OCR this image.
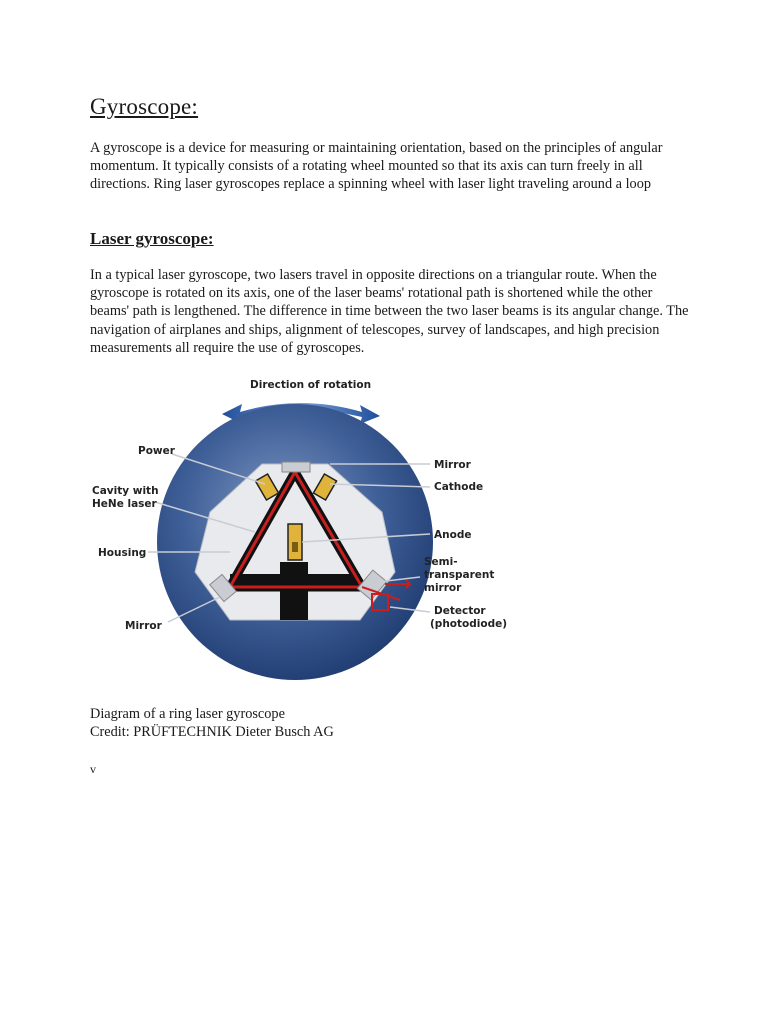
Gyroscope:

A gyroscope is a device for measuring or maintaining orientation, based on the principles of angular momentum. It typically consists of a rotating wheel mounted so that its axis can turn freely in all directions. Ring laser gyroscopes replace a spinning wheel with laser light traveling around a loop

Laser gyroscope:

In a typical laser gyroscope, two lasers travel in opposite directions on a triangular route. When the gyroscope is rotated on its axis, one of the laser beams' rotational path is shortened while the other beams' path is lengthened. The difference in time between the two laser beams is its angular change. The navigation of airplanes and ships, alignment of telescopes, survey of landscapes, and high precision measurements all require the use of gyroscopes.

Direction of rotation
Power
Mirror
Cathode
Cavity with
HeNe laser
Anode
Housing
Semi-
transparent
mirror
Detector
(photodiode)
Mirror
Diagram of a ring laser gyroscope
Credit: PRÜFTECHNIK Dieter Busch AG
v
